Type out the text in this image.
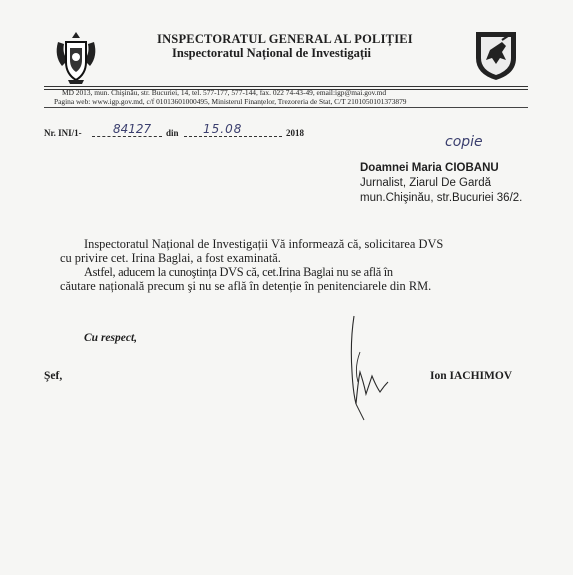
INSPECTORATUL GENERAL AL POLIȚIEI
Inspectoratul Național de Investigații
MD 2013, mun. Chişinău, str. Bucuriei, 14, tel. 577-177, 577-144, fax. 022 74-43-49, email:igp@mai.gov.md
Pagina web: www.igp.gov.md, c/f 01013601000495, Ministerul Finanțelor, Trezoreria de Stat, C/T 2101050101373879
Nr. INI/1-	84127 din 15.08	2018
copie
Doamnei Maria CIOBANU
Jurnalist, Ziarul De Gardă
mun.Chişinău, str.Bucuriei 36/2.

Inspectoratul Național de Investigații Vă informează că, solicitarea DVS

cu privire cet. Irina Baglai, a fost examinată.

Astfel, aducem la cunoştința DVS că, cet.Irina Baglai nu se află în

căutare națională precum şi nu se află în detenție în penitenciarele din RM.

Cu respect,
Şef,	Ion IACHIMOV
